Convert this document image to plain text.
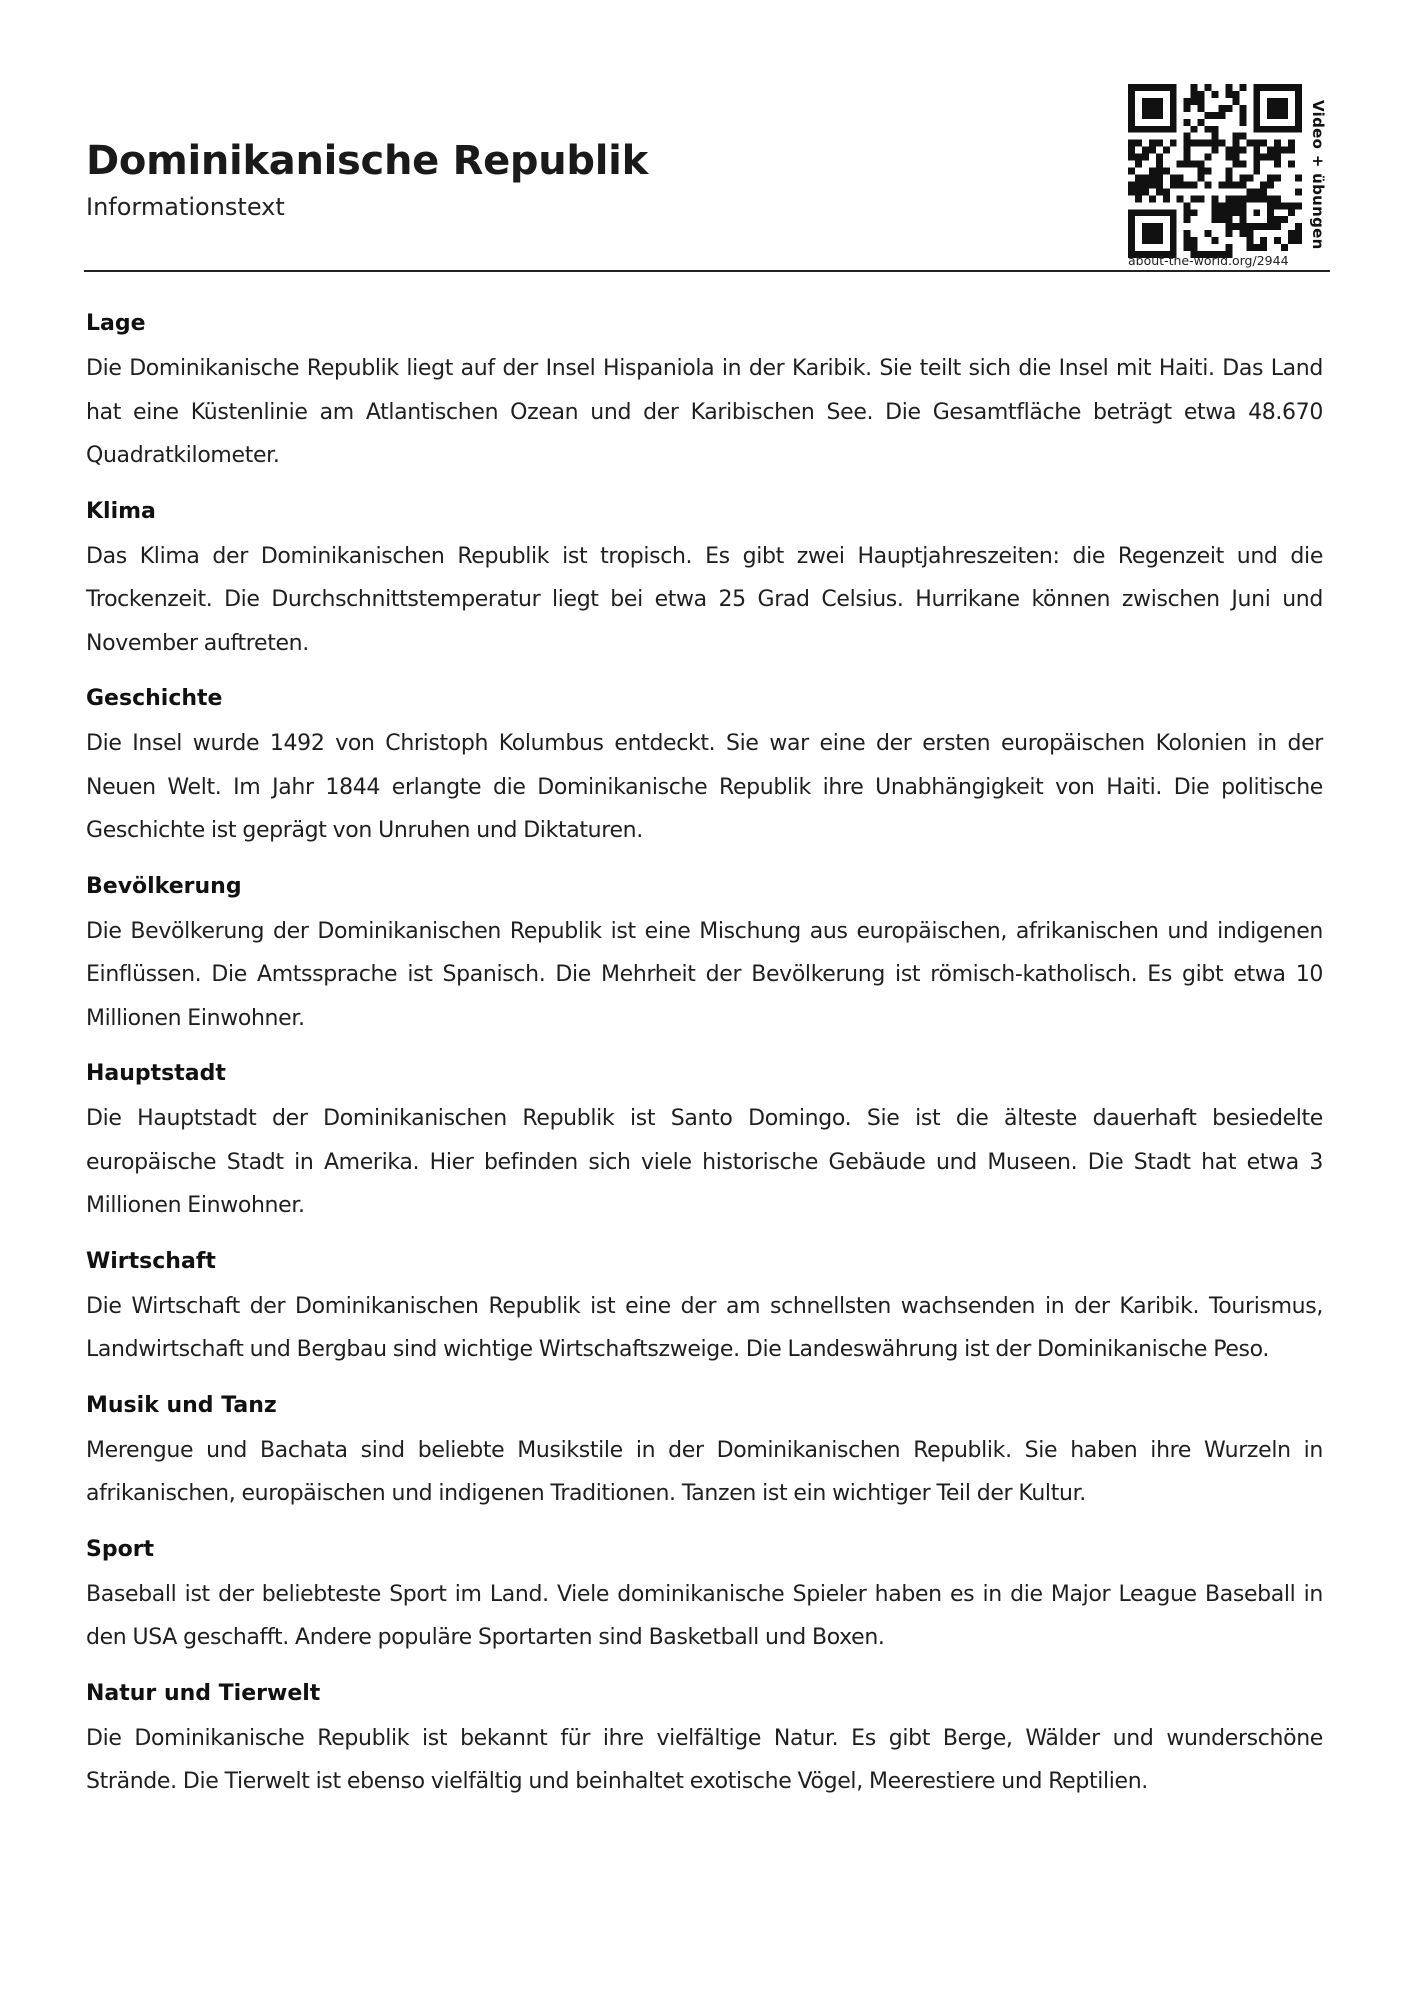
Dominikanische Republik
Informationstext	Video + übungen
about-the-world.org/2944
Lage

Die Dominikanische Republik liegt auf der Insel Hispaniola in der Karibik. Sie teilt sich die Insel mit Haiti. Das Land hat eine Küstenlinie am Atlantischen Ozean und der Karibischen See. Die Gesamtfläche beträgt etwa 48.670 Quadratkilometer.

Klima

Das Klima der Dominikanischen Republik ist tropisch. Es gibt zwei Hauptjahreszeiten: die Regenzeit und die Trockenzeit. Die Durchschnittstemperatur liegt bei etwa 25 Grad Celsius. Hurrikane können zwischen Juni und November auftreten.

Geschichte

Die Insel wurde 1492 von Christoph Kolumbus entdeckt. Sie war eine der ersten europäischen Kolonien in der Neuen Welt. Im Jahr 1844 erlangte die Dominikanische Republik ihre Unabhängigkeit von Haiti. Die politische Geschichte ist geprägt von Unruhen und Diktaturen.

Bevölkerung

Die Bevölkerung der Dominikanischen Republik ist eine Mischung aus europäischen, afrikanischen und indigenen Einflüssen. Die Amtssprache ist Spanisch. Die Mehrheit der Bevölkerung ist römisch-katholisch. Es gibt etwa 10 Millionen Einwohner.

Hauptstadt

Die Hauptstadt der Dominikanischen Republik ist Santo Domingo. Sie ist die älteste dauerhaft besiedelte europäische Stadt in Amerika. Hier befinden sich viele historische Gebäude und Museen. Die Stadt hat etwa 3 Millionen Einwohner.

Wirtschaft

Die Wirtschaft der Dominikanischen Republik ist eine der am schnellsten wachsenden in der Karibik. Tourismus, Landwirtschaft und Bergbau sind wichtige Wirtschaftszweige. Die Landeswährung ist der Dominikanische Peso.

Musik und Tanz

Merengue und Bachata sind beliebte Musikstile in der Dominikanischen Republik. Sie haben ihre Wurzeln in afrikanischen, europäischen und indigenen Traditionen. Tanzen ist ein wichtiger Teil der Kultur.

Sport

Baseball ist der beliebteste Sport im Land. Viele dominikanische Spieler haben es in die Major League Baseball in den USA geschafft. Andere populäre Sportarten sind Basketball und Boxen.

Natur und Tierwelt

Die Dominikanische Republik ist bekannt für ihre vielfältige Natur. Es gibt Berge, Wälder und wunderschöne Strände. Die Tierwelt ist ebenso vielfältig und beinhaltet exotische Vögel, Meerestiere und Reptilien.
